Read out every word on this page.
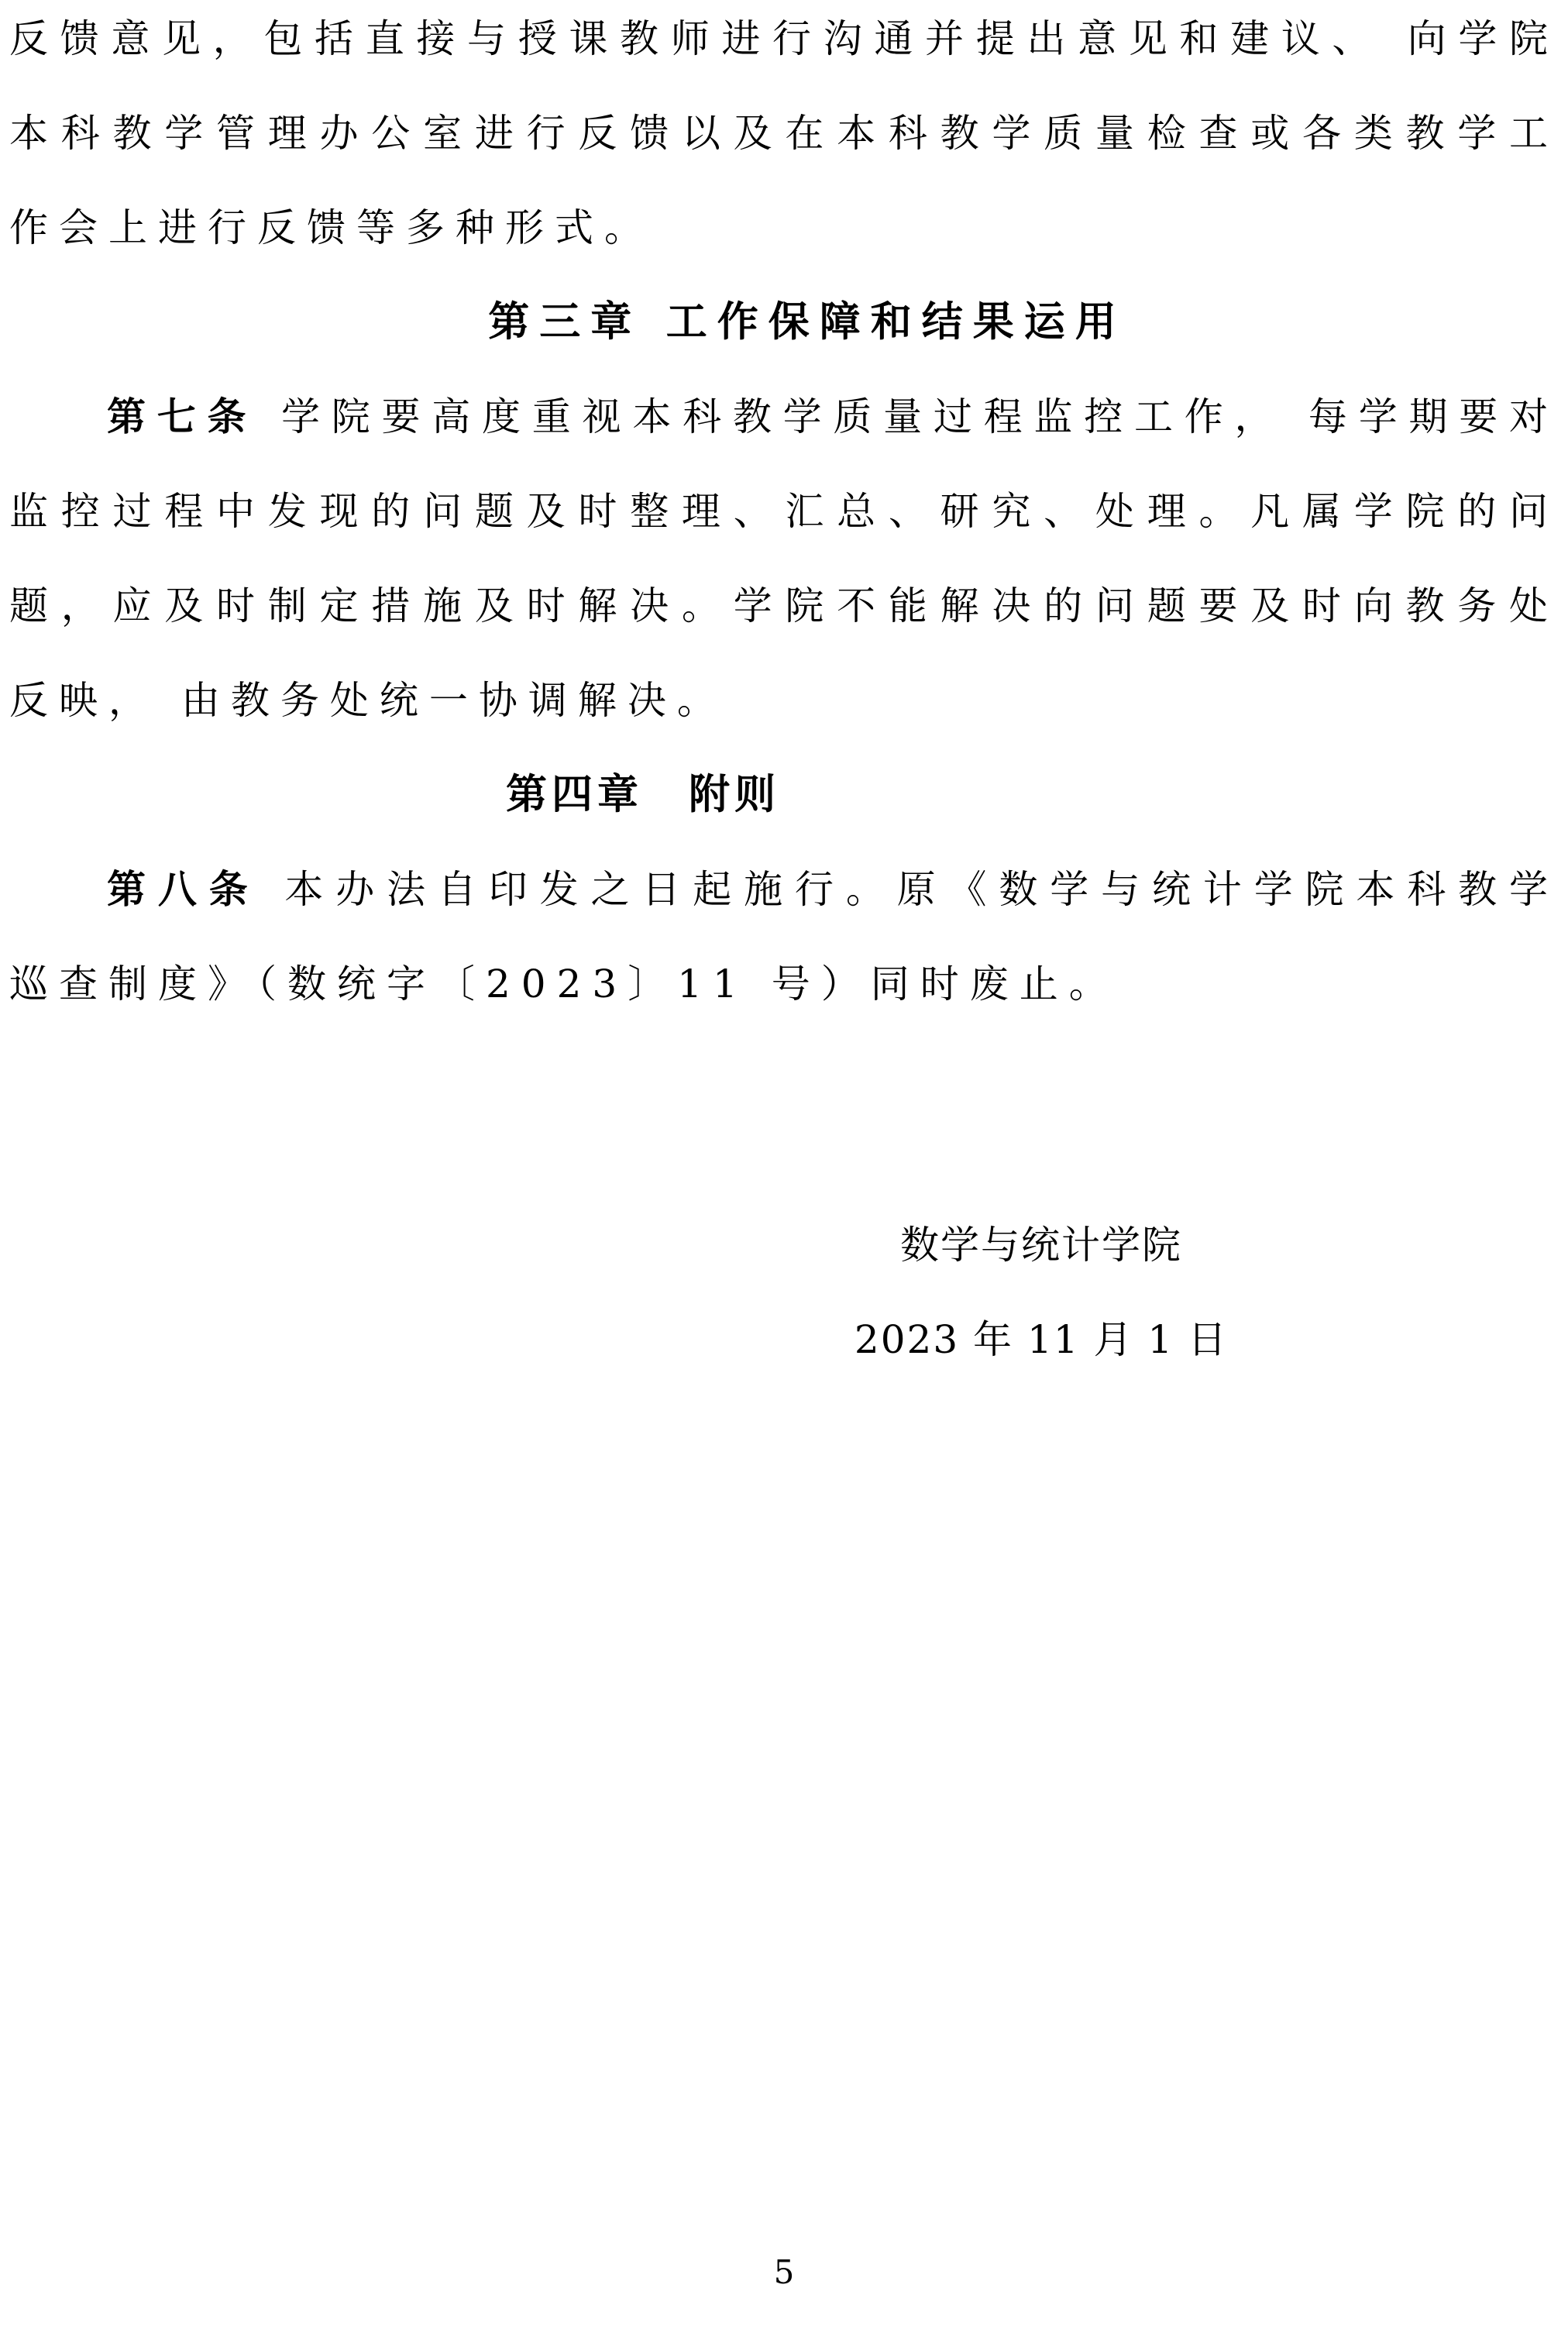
反馈意见，包括直接与授课教师进行沟通并提出意见和建议、 向学院
本科教学管理办公室进行反馈以及在本科教学质量检查或各类教学工
作会上进行反馈等多种形式。
第三章 工作保障和结果运用
第七条 学院要高度重视本科教学质量过程监控工作， 每学期要对
监控过程中发现的问题及时整理、汇总、研究、处理。凡属学院的问
题，应及时制定措施及时解决。学院不能解决的问题要及时向教务处
反映， 由教务处统一协调解决。
第四章　附则
第八条 本办法自印发之日起施行。原《数学与统计学院本科教学
巡查制度》（数统字〔2023〕11 号）同时废止。
数学与统计学院
2023 年 11 月 1 日
5
